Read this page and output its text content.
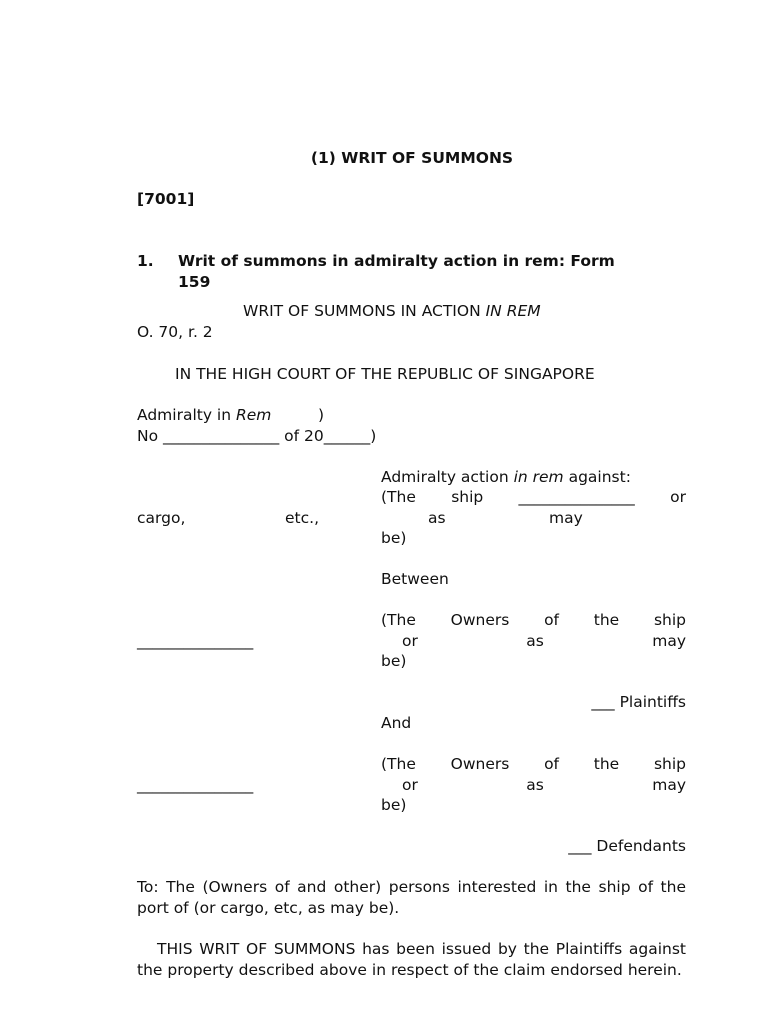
(1) WRIT OF SUMMONS
[7001]
1. Writ of summons in admiralty action in rem: Form
159
WRIT OF SUMMONS IN ACTION IN REM
O. 70, r. 2
IN THE HIGH COURT OF THE REPUBLIC OF SINGAPORE
Admiralty in Rem	)
No _______________ of 20______)
Admiralty action in rem against:
(The ship _______________ or
cargo,	etc.,	as	may
be)
Between
(The Owners of the ship
_______________	or	as	may
be)
___ Plaintiffs
And
(The Owners of the ship
_______________	or	as	may
be)
___ Defendants
To: The (Owners of and other) persons interested in the ship of the port of (or cargo, etc, as may be).
THIS WRIT OF SUMMONS has been issued by the Plaintiffs against the property described above in respect of the claim endorsed herein.
